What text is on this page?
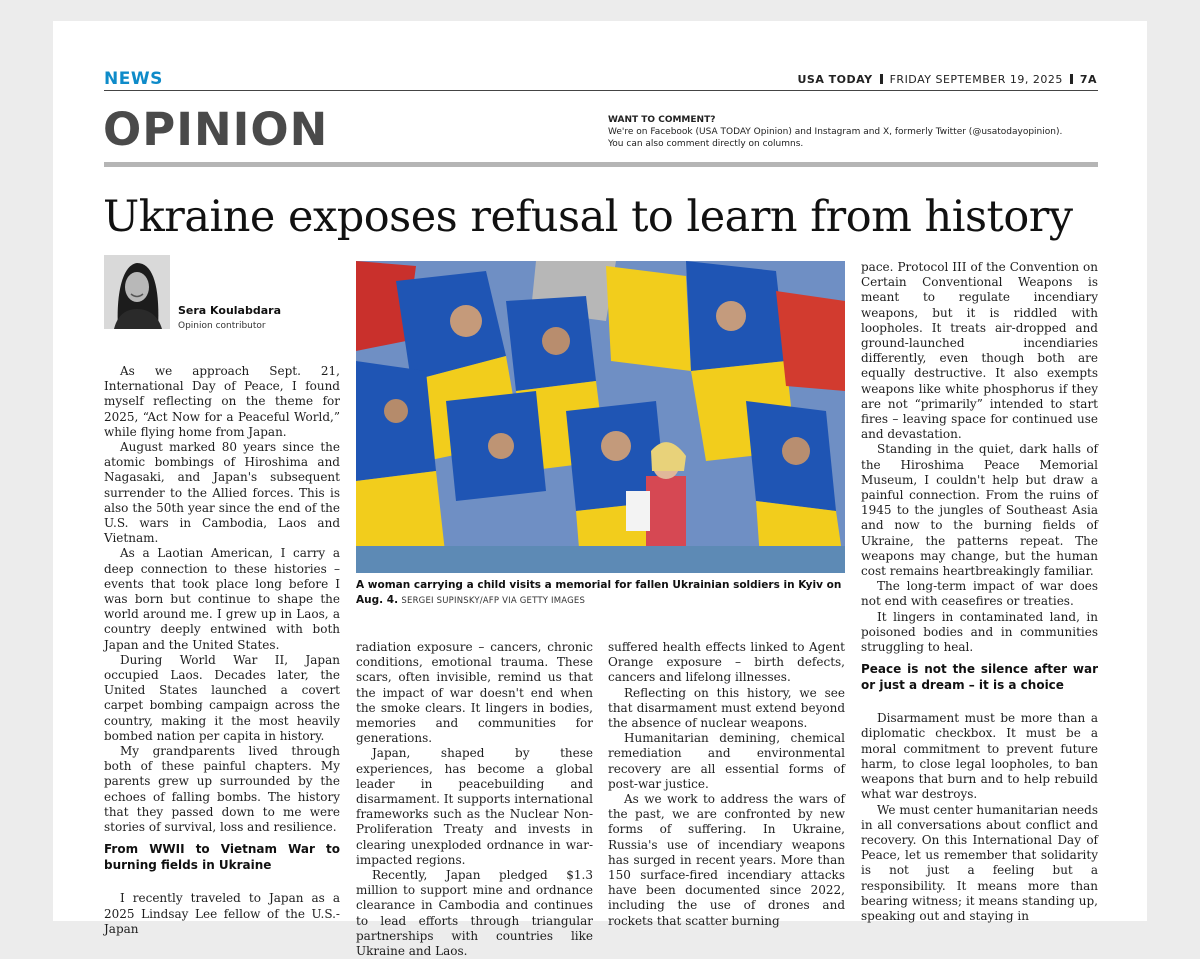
NEWS	USA TODAY FRIDAY SEPTEMBER 19, 2025 7A
OPINION	WANT TO COMMENT?
We're on Facebook (USA TODAY Opinion) and Instagram and X, formerly Twitter (@usatodayopinion).
You can also comment directly on columns.
Ukraine exposes refusal to learn from history
Sera Koulabdara
Opinion contributor

As we approach Sept. 21, International Day of Peace, I found myself reflecting on the theme for 2025, “Act Now for a Peaceful World,” while flying home from Japan.

August marked 80 years since the atomic bombings of Hiroshima and Nagasaki, and Japan's subsequent surrender to the Allied forces. This is also the 50th year since the end of the U.S. wars in Cambodia, Laos and Vietnam.

As a Laotian American, I carry a deep connection to these histories – events that took place long before I was born but continue to shape the world around me. I grew up in Laos, a country deeply entwined with both Japan and the United States.

During World War II, Japan occupied Laos. Decades later, the United States launched a covert carpet bombing campaign across the country, making it the most heavily bombed nation per capita in history.

My grandparents lived through both of these painful chapters. My parents grew up surrounded by the echoes of falling bombs. The history that they passed down to me were stories of survival, loss and resilience.

From WWII to Vietnam War to burning fields in Ukraine

I recently traveled to Japan as a 2025 Lindsay Lee fellow of the U.S.-Japan

A woman carrying a child visits a memorial for fallen Ukrainian soldiers in Kyiv on Aug. 4. SERGEI SUPINSKY/AFP VIA GETTY IMAGES

radiation exposure – cancers, chronic conditions, emotional trauma. These scars, often invisible, remind us that the impact of war doesn't end when the smoke clears. It lingers in bodies, memories and communities for generations.

Japan, shaped by these experiences, has become a global leader in peacebuilding and disarmament. It supports international frameworks such as the Nuclear Non-Proliferation Treaty and invests in clearing unexploded ordnance in war-impacted regions.

Recently, Japan pledged $1.3 million to support mine and ordnance clearance in Cambodia and continues to lead efforts through triangular partnerships with countries like Ukraine and Laos.

suffered health effects linked to Agent Orange exposure – birth defects, cancers and lifelong illnesses.

Reflecting on this history, we see that disarmament must extend beyond the absence of nuclear weapons.

Humanitarian demining, chemical remediation and environmental recovery are all essential forms of post-war justice.

As we work to address the wars of the past, we are confronted by new forms of suffering. In Ukraine, Russia's use of incendiary weapons has surged in recent years. More than 150 surface-fired incendiary attacks have been documented since 2022, including the use of drones and rockets that scatter burning

pace. Protocol III of the Convention on Certain Conventional Weapons is meant to regulate incendiary weapons, but it is riddled with loopholes. It treats air-dropped and ground-launched incendiaries differently, even though both are equally destructive. It also exempts weapons like white phosphorus if they are not “primarily” intended to start fires – leaving space for continued use and devastation.

Standing in the quiet, dark halls of the Hiroshima Peace Memorial Museum, I couldn't help but draw a painful connection. From the ruins of 1945 to the jungles of Southeast Asia and now to the burning fields of Ukraine, the patterns repeat. The weapons may change, but the human cost remains heartbreakingly familiar.

The long-term impact of war does not end with ceasefires or treaties.

It lingers in contaminated land, in poisoned bodies and in communities struggling to heal.

Peace is not the silence after war or just a dream – it is a choice

Disarmament must be more than a diplomatic checkbox. It must be a moral commitment to prevent future harm, to close legal loopholes, to ban weapons that burn and to help rebuild what war destroys.

We must center humanitarian needs in all conversations about conflict and recovery. On this International Day of Peace, let us remember that solidarity is not just a feeling but a responsibility. It means more than bearing witness; it means standing up, speaking out and staying in
